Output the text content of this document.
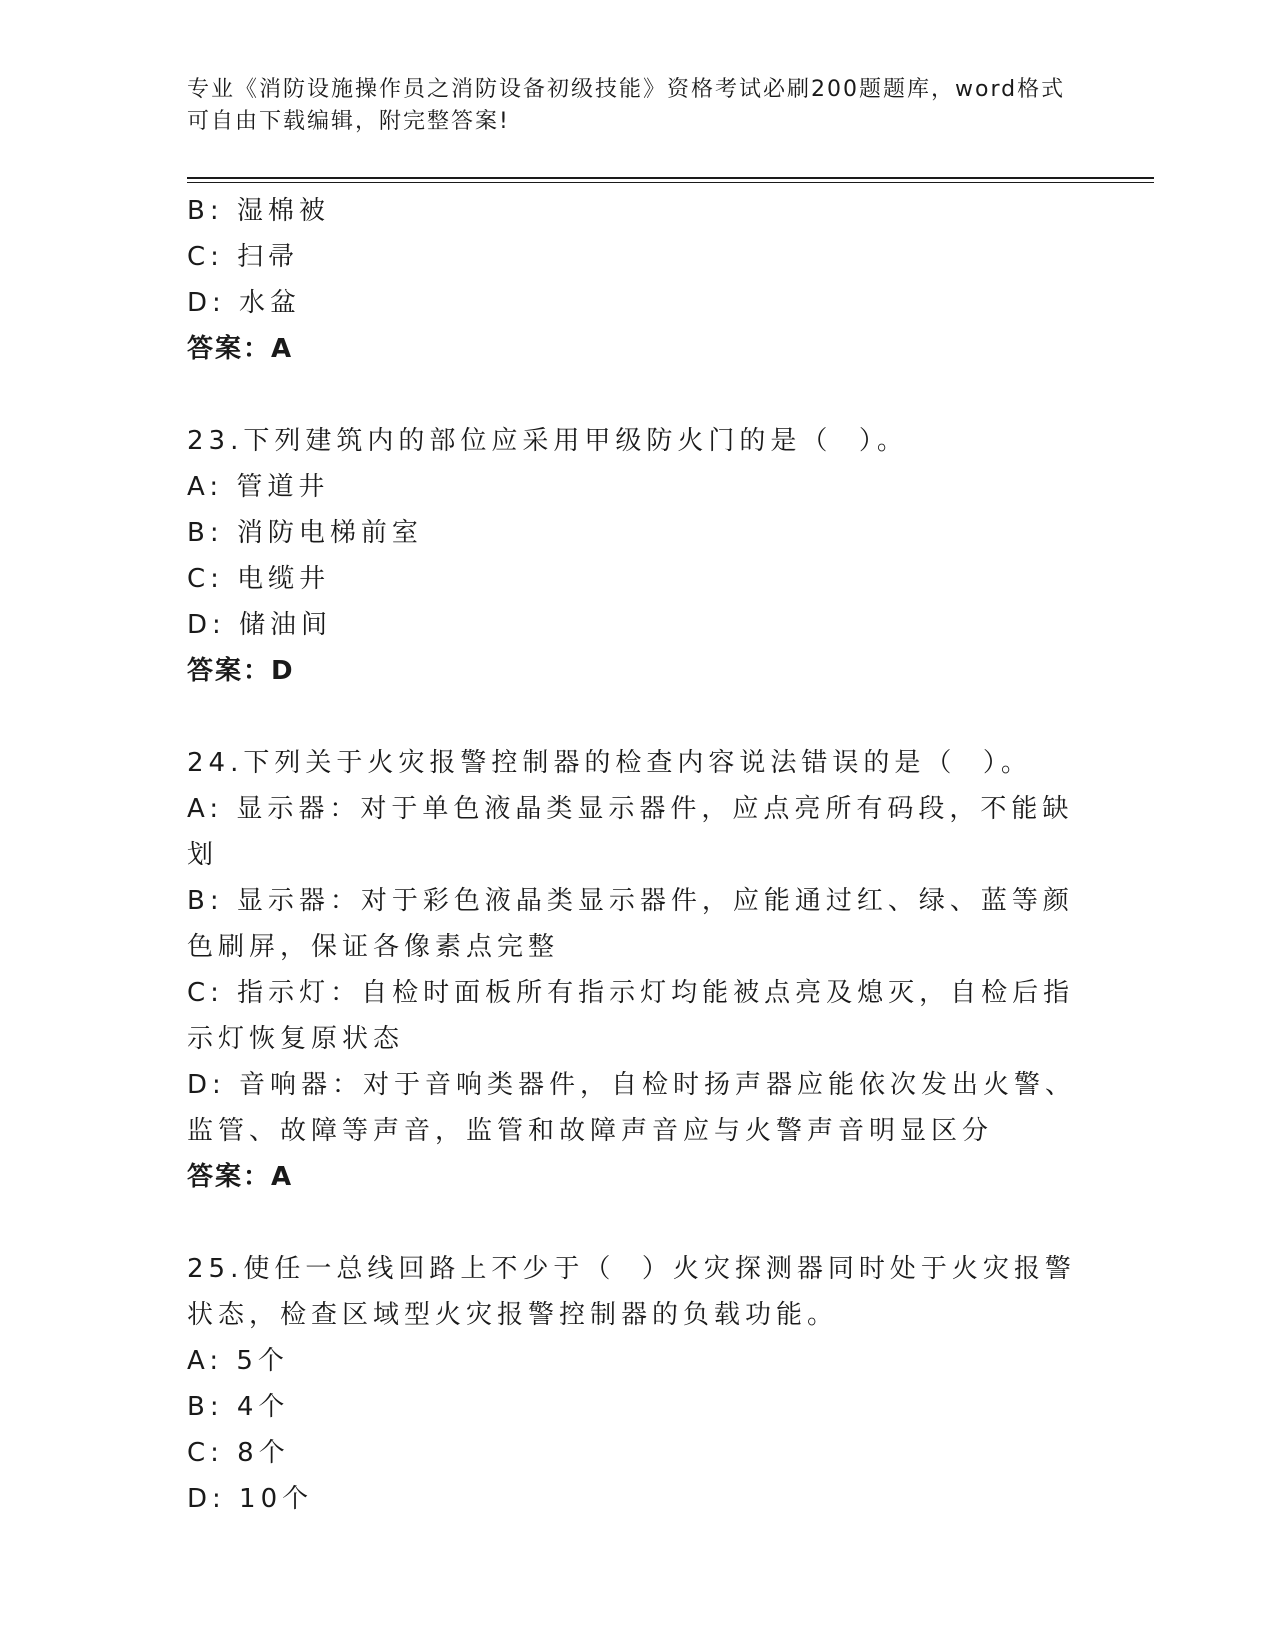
专业《消防设施操作员之消防设备初级技能》资格考试必刷200题题库，word格式可自由下载编辑，附完整答案!
B: 湿棉被
C: 扫帚
D: 水盆
答案：A
23.下列建筑内的部位应采用甲级防火门的是（  ）。
A: 管道井
B: 消防电梯前室
C: 电缆井
D: 储油间
答案：D
24.下列关于火灾报警控制器的检查内容说法错误的是（  ）。
A: 显示器：对于单色液晶类显示器件，应点亮所有码段，不能缺划
B: 显示器：对于彩色液晶类显示器件，应能通过红、绿、蓝等颜色刷屏，保证各像素点完整
C: 指示灯：自检时面板所有指示灯均能被点亮及熄灭，自检后指示灯恢复原状态
D: 音响器：对于音响类器件，自检时扬声器应能依次发出火警、监管、故障等声音，监管和故障声音应与火警声音明显区分
答案：A
25.使任一总线回路上不少于（  ）火灾探测器同时处于火灾报警状态，检查区域型火灾报警控制器的负载功能。
A: 5个
B: 4个
C: 8个
D: 10个
